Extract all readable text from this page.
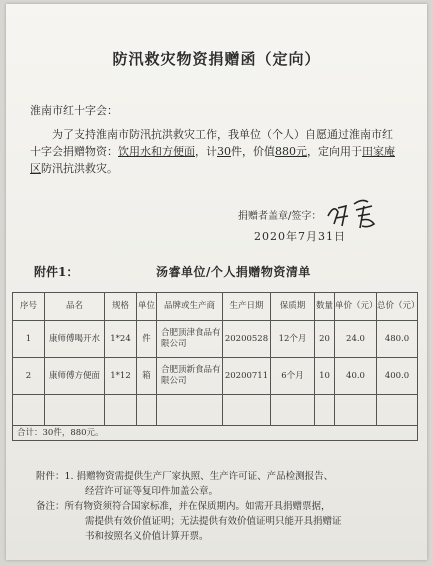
防汛救灾物资捐赠函（定向）
淮南市红十字会：
为了支持淮南市防汛抗洪救灾工作，我单位（个人）自愿通过淮南市红十字会捐赠物资：饮用水和方便面，计30件，价值880元，定向用于田家庵区防汛抗洪救灾。
捐赠者盖章/签字：
2020年7月31日
附件1：	汤睿单位/个人捐赠物资清单
序号	品名	规格	单位	品牌或生产商	生产日期	保质期	数量	单价（元）	总价（元）
1	康师傅喝开水	1*24	件	合肥顶津食品有限公司	20200528	12个月	20	24.0	480.0
2	康师傅方便面	1*12	箱	合肥顶新食品有限公司	20200711	6个月	10	40.0	400.0

合计：30件，880元。									
附件： 1. 捐赠物资需提供生产厂家执照、生产许可证、产品检测报告、
经营许可证等复印件加盖公章。
备注： 所有物资须符合国家标准，并在保质期内。如需开具捐赠票据，
需提供有效价值证明；无法提供有效价值证明只能开具捐赠证
书和按照名义价值计算开票。
